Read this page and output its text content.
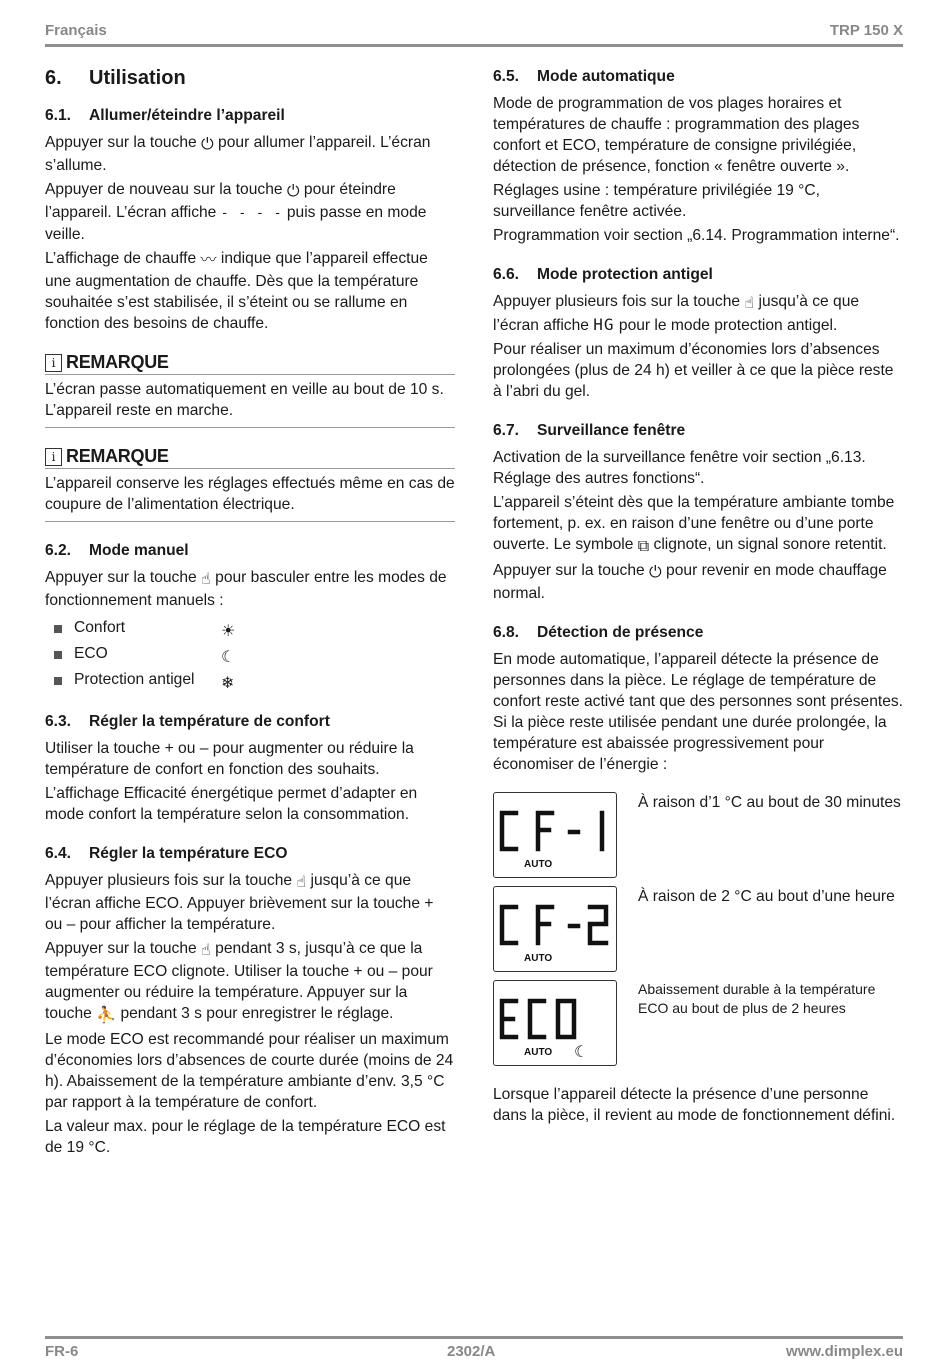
Français	TRP 150 X
6. Utilisation
6.1. Allumer/éteindre l’appareil

Appuyer sur la touche ⏻ pour allumer l’appareil. L’écran s’allume.

Appuyer de nouveau sur la touche ⏻ pour éteindre l’appareil. L’écran affiche - - - - puis passe en mode veille.

L’affichage de chauffe 〰 indique que l’appareil effectue une augmentation de chauffe. Dès que la température souhaitée s’est stabilisée, il s’éteint ou se rallume en fonction des besoins de chauffe.

i REMARQUE

L’écran passe automatiquement en veille au bout de 10 s. L’appareil reste en marche.

i REMARQUE

L’appareil conserve les réglages effectués même en cas de coupure de l’alimentation électrique.

6.2. Mode manuel

Appuyer sur la touche ☝ pour basculer entre les modes de fonctionnement manuels :

Confort	☀
ECO	☾
Protection antigel ❄
6.3. Régler la température de confort

Utiliser la touche + ou – pour augmenter ou réduire la température de confort en fonction des souhaits.

L’affichage Efficacité énergétique permet d’adapter en mode confort la température selon la consommation.

6.4. Régler la température ECO

Appuyer plusieurs fois sur la touche ☝ jusqu’à ce que l’écran affiche ECO. Appuyer brièvement sur la touche + ou – pour afficher la température.

Appuyer sur la touche ☝ pendant 3 s, jusqu’à ce que la température ECO clignote. Utiliser la touche + ou – pour augmenter ou réduire la température. Appuyer sur la touche ⛹ pendant 3 s pour enregistrer le réglage.

Le mode ECO est recommandé pour réaliser un maximum d’économies lors d’absences de courte durée (moins de 24 h). Abaissement de la température ambiante d’env. 3,5 °C par rapport à la température de confort.

La valeur max. pour le réglage de la température ECO est de 19 °C.

6.5. Mode automatique

Mode de programmation de vos plages horaires et températures de chauffe : programmation des plages confort et ECO, température de consigne privilégiée, détection de présence, fonction « fenêtre ouverte ».

Réglages usine : température privilégiée 19 °C, surveillance fenêtre activée.

Programmation voir section „6.14. Programmation interne“.

6.6. Mode protection antigel

Appuyer plusieurs fois sur la touche ☝ jusqu’à ce que l’écran affiche HG pour le mode protection antigel.

Pour réaliser un maximum d’économies lors d’absences prolongées (plus de 24 h) et veiller à ce que la pièce reste à l’abri du gel.

6.7. Surveillance fenêtre

Activation de la surveillance fenêtre voir section „6.13. Réglage des autres fonctions“.

L’appareil s’éteint dès que la température ambiante tombe fortement, p. ex. en raison d’une fenêtre ou d’une porte ouverte. Le symbole ⧉ clignote, un signal sonore retentit.

Appuyer sur la touche ⏻ pour revenir en mode chauffage normal.

6.8. Détection de présence

En mode automatique, l’appareil détecte la présence de personnes dans la pièce. Le réglage de température de confort reste activé tant que des personnes sont présentes. Si la pièce reste utilisée pendant une durée prolongée, la température est abaissée progressivement pour économiser de l’énergie :

AUTO
À raison d’1 °C au bout de 30 minutes
AUTO
À raison de 2 °C au bout d’une heure
AUTO ☾
Abaissement durable à la température ECO au bout de plus de 2 heures

Lorsque l’appareil détecte la présence d’une personne dans la pièce, il revient au mode de fonctionnement défini.

FR-6	2302/A	www.dimplex.eu
